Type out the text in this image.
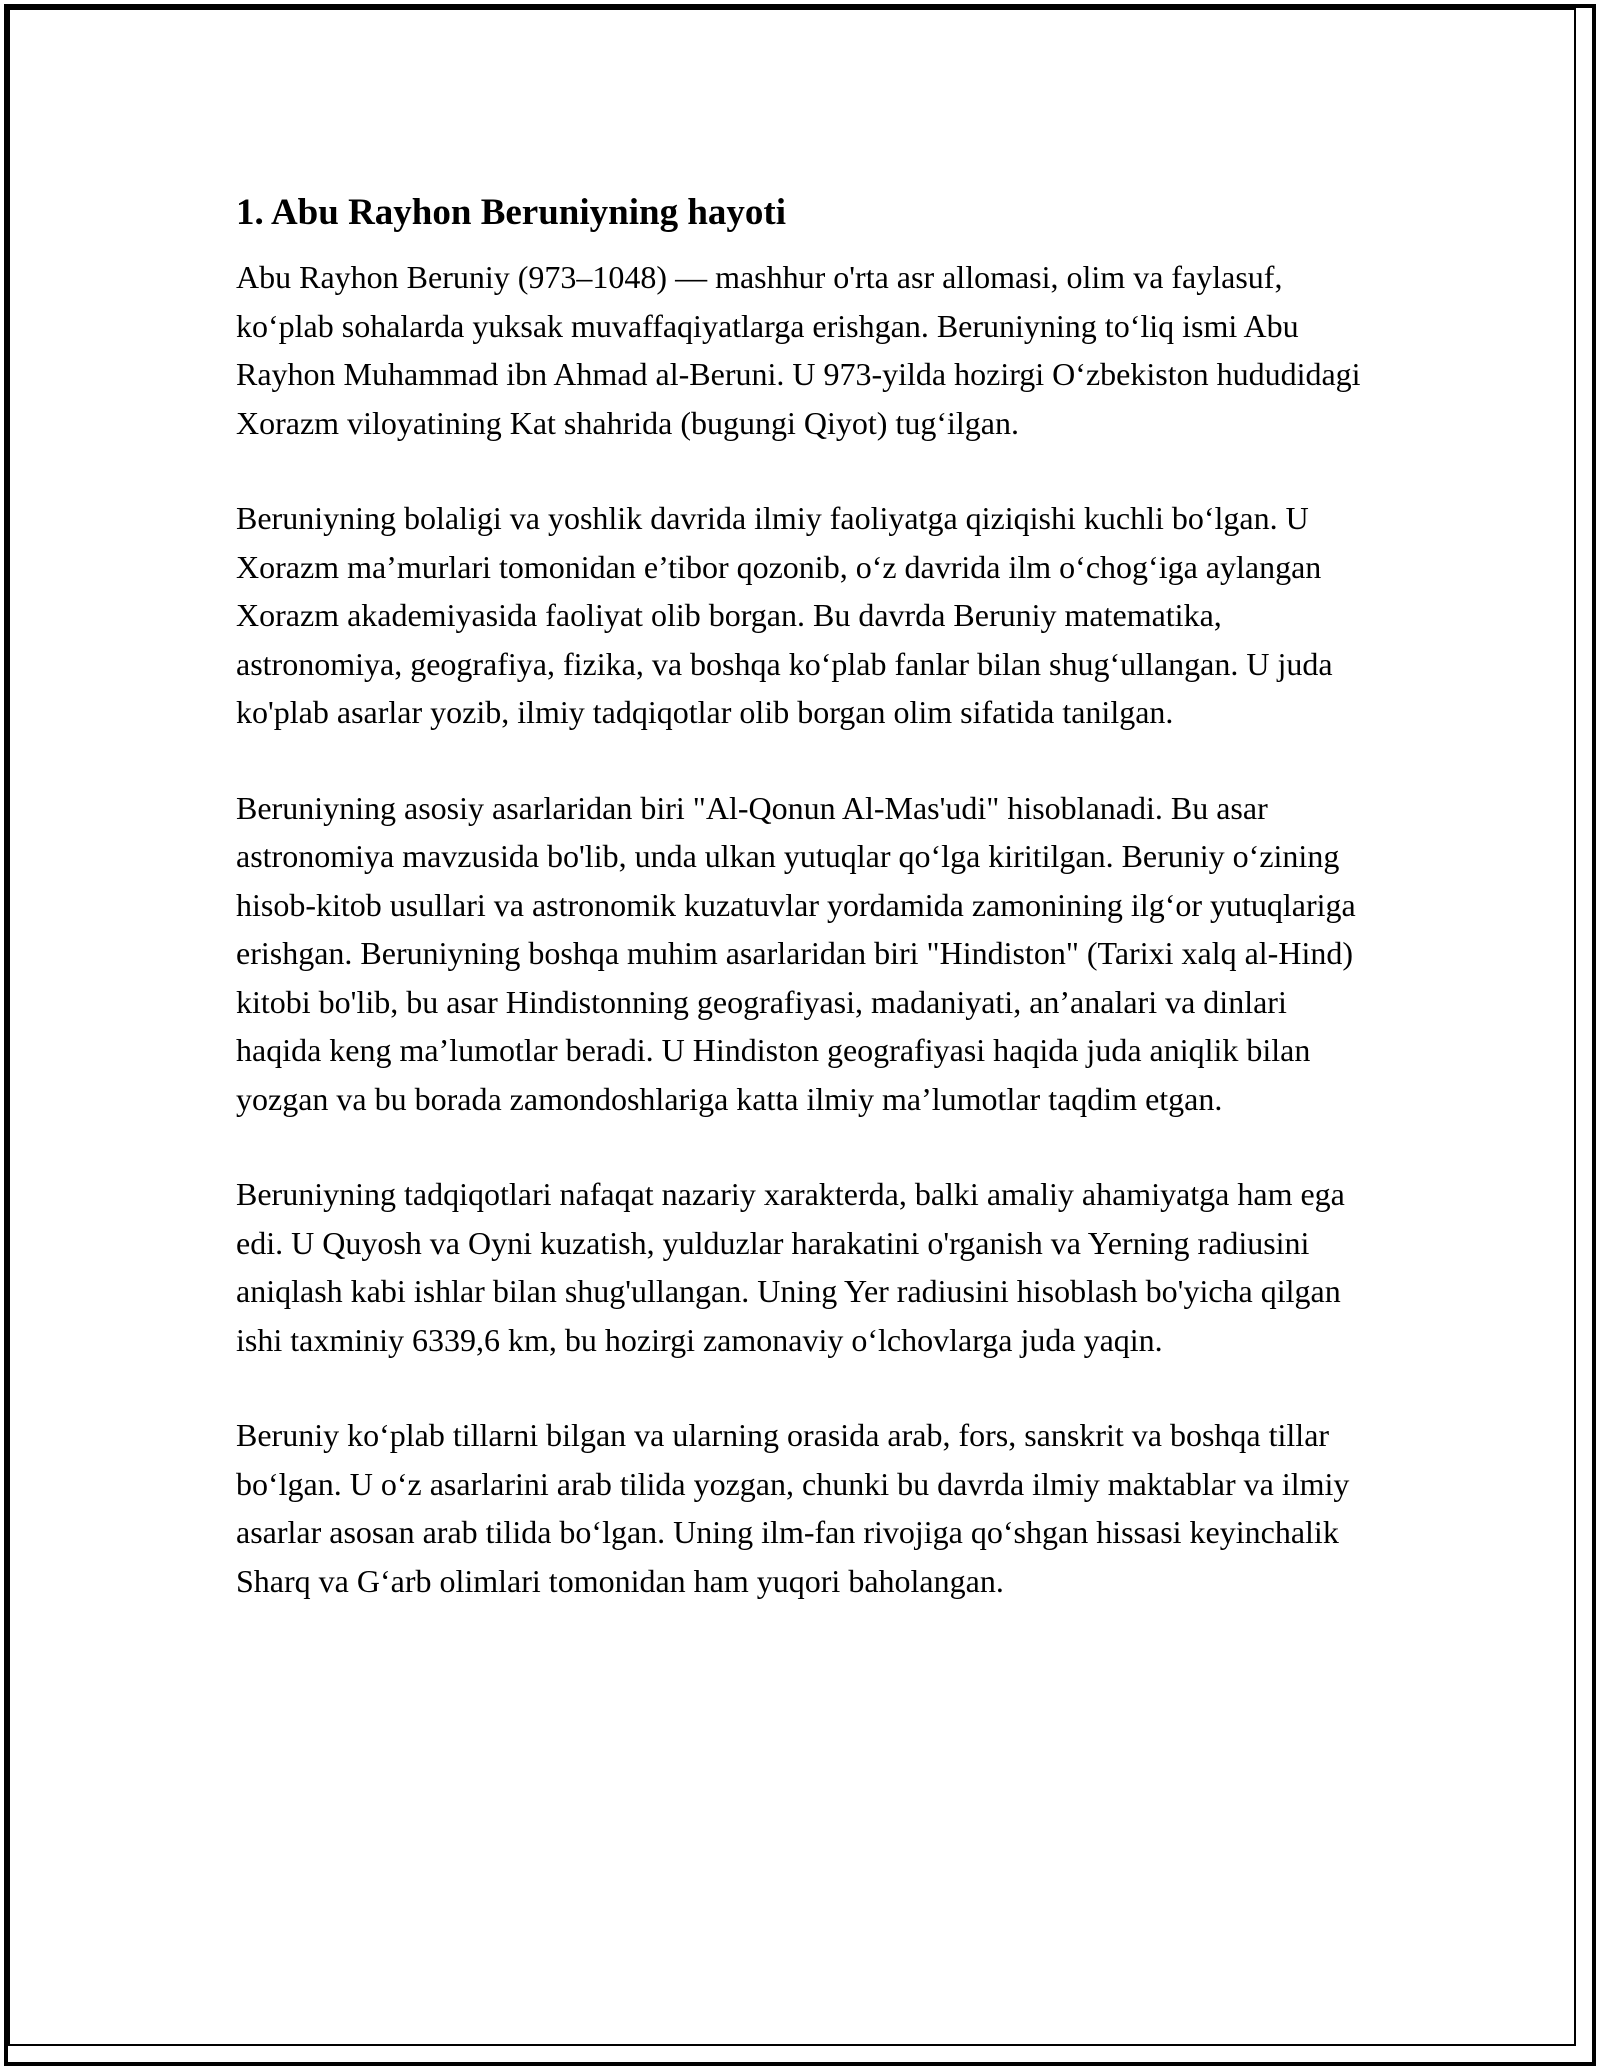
1. Abu Rayhon Beruniyning hayoti

Abu Rayhon Beruniy (973–1048) — mashhur o'rta asr allomasi, olim va faylasuf, ko‘plab sohalarda yuksak muvaffaqiyatlarga erishgan. Beruniyning to‘liq ismi Abu Rayhon Muhammad ibn Ahmad al-Beruni. U 973-yilda hozirgi O‘zbekiston hududidagi Xorazm viloyatining Kat shahrida (bugungi Qiyot) tug‘ilgan.

Beruniyning bolaligi va yoshlik davrida ilmiy faoliyatga qiziqishi kuchli bo‘lgan. U Xorazm ma’murlari tomonidan e’tibor qozonib, o‘z davrida ilm o‘chog‘iga aylangan Xorazm akademiyasida faoliyat olib borgan. Bu davrda Beruniy matematika, astronomiya, geografiya, fizika, va boshqa ko‘plab fanlar bilan shug‘ullangan. U juda ko'plab asarlar yozib, ilmiy tadqiqotlar olib borgan olim sifatida tanilgan.

Beruniyning asosiy asarlaridan biri "Al-Qonun Al-Mas'udi" hisoblanadi. Bu asar astronomiya mavzusida bo'lib, unda ulkan yutuqlar qo‘lga kiritilgan. Beruniy o‘zining hisob-kitob usullari va astronomik kuzatuvlar yordamida zamonining ilg‘or yutuqlariga erishgan. Beruniyning boshqa muhim asarlaridan biri "Hindiston" (Tarixi xalq al-Hind) kitobi bo'lib, bu asar Hindistonning geografiyasi, madaniyati, an’analari va dinlari haqida keng ma’lumotlar beradi. U Hindiston geografiyasi haqida juda aniqlik bilan yozgan va bu borada zamondoshlariga katta ilmiy ma’lumotlar taqdim etgan.

Beruniyning tadqiqotlari nafaqat nazariy xarakterda, balki amaliy ahamiyatga ham ega edi. U Quyosh va Oyni kuzatish, yulduzlar harakatini o'rganish va Yerning radiusini aniqlash kabi ishlar bilan shug'ullangan. Uning Yer radiusini hisoblash bo'yicha qilgan ishi taxminiy 6339,6 km, bu hozirgi zamonaviy o‘lchovlarga juda yaqin.

Beruniy ko‘plab tillarni bilgan va ularning orasida arab, fors, sanskrit va boshqa tillar bo‘lgan. U o‘z asarlarini arab tilida yozgan, chunki bu davrda ilmiy maktablar va ilmiy asarlar asosan arab tilida bo‘lgan. Uning ilm-fan rivojiga qo‘shgan hissasi keyinchalik Sharq va G‘arb olimlari tomonidan ham yuqori baholangan.
